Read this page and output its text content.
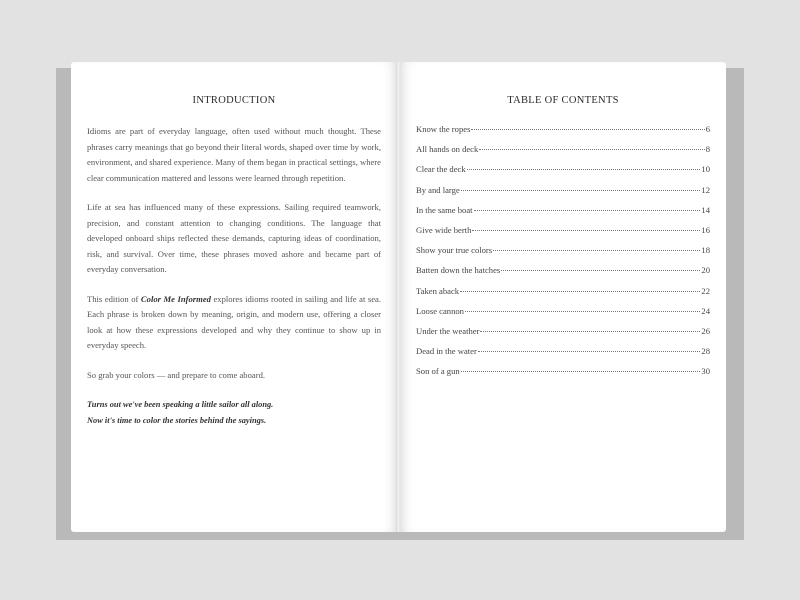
INTRODUCTION

Idioms are part of everyday language, often used without much thought. These phrases carry meanings that go beyond their literal words, shaped over time by work, environment, and shared experience. Many of them began in practical settings, where clear communication mattered and lessons were learned through repetition.

Life at sea has influenced many of these expressions. Sailing required teamwork, precision, and constant attention to changing conditions. The language that developed onboard ships reflected these demands, capturing ideas of coordination, risk, and survival. Over time, these phrases moved ashore and became part of everyday conversation.

This edition of Color Me Informed explores idioms rooted in sailing and life at sea. Each phrase is broken down by meaning, origin, and modern use, offering a closer look at how these expressions developed and why they continue to show up in everyday speech.

So grab your colors — and prepare to come aboard.

Turns out we've been speaking a little sailor all along.

Now it's time to color the stories behind the sayings.

TABLE OF CONTENTS
Know the ropes	6
All hands on deck	8
Clear the deck	10
By and large	12
In the same boat	14
Give wide berth	16
Show your true colors	18
Batten down the hatches	20
Taken aback	22
Loose cannon	24
Under the weather	26
Dead in the water	28
Son of a gun	30
